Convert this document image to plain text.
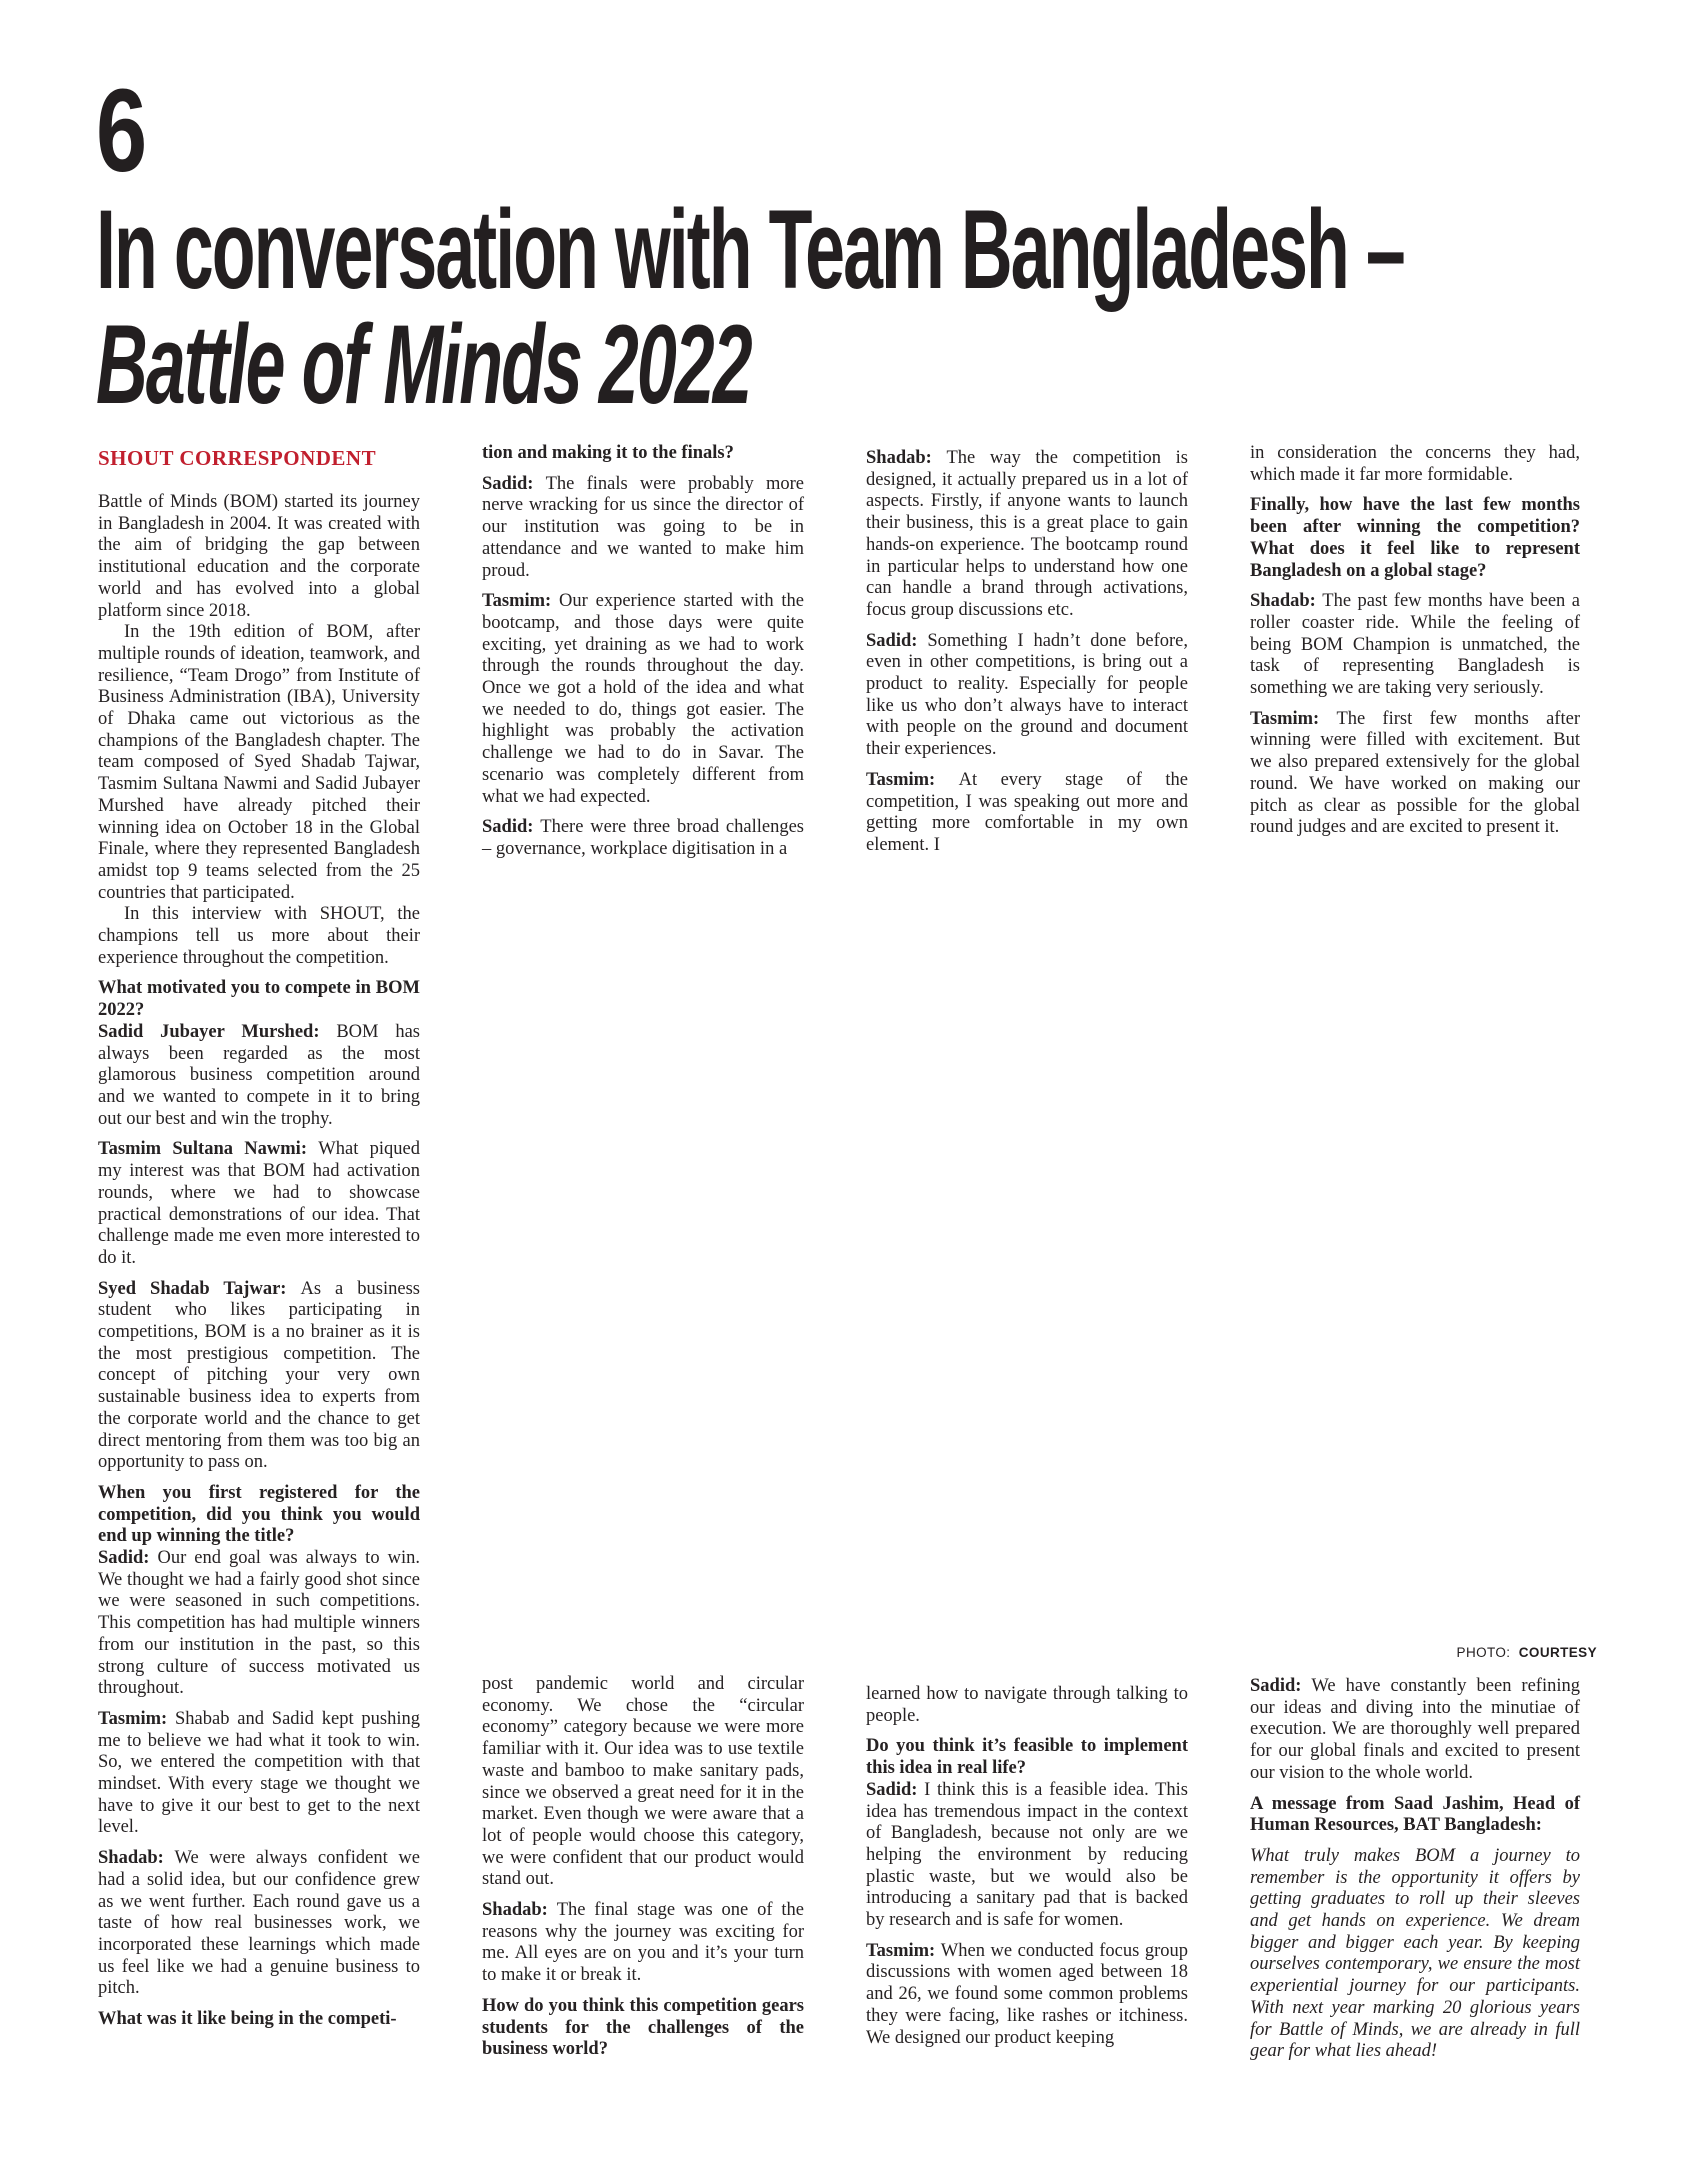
6
In conversation with Team Bangladesh –
Battle of Minds 2022
SHOUT CORRESPONDENT
PHOTO: COURTESY

Battle of Minds (BOM) started its journey in Bangladesh in 2004. It was created with the aim of bridging the gap between institutional education and the corporate world and has evolved into a global platform since 2018.

In the 19th edition of BOM, after multiple rounds of ideation, teamwork, and resilience, “Team Drogo” from Institute of Business Administration (IBA), University of Dhaka came out victorious as the champions of the Bangladesh chapter. The team composed of Syed Shadab Tajwar, Tasmim Sultana Nawmi and Sadid Jubayer Murshed have already pitched their winning idea on October 18 in the Global Finale, where they represented Bangladesh amidst top 9 teams selected from the 25 countries that participated.

In this interview with SHOUT, the champions tell us more about their experience throughout the competition.

What motivated you to compete in BOM 2022?

Sadid Jubayer Murshed: BOM has always been regarded as the most glamorous business competition around and we wanted to compete in it to bring out our best and win the trophy.

Tasmim Sultana Nawmi: What piqued my interest was that BOM had activation rounds, where we had to showcase practical demonstrations of our idea. That challenge made me even more interested to do it.

Syed Shadab Tajwar: As a business student who likes participating in competitions, BOM is a no brainer as it is the most prestigious competition. The concept of pitching your very own sustainable business idea to experts from the corporate world and the chance to get direct mentoring from them was too big an opportunity to pass on.

When you first registered for the competition, did you think you would end up winning the title?

Sadid: Our end goal was always to win. We thought we had a fairly good shot since we were seasoned in such competitions. This competition has had multiple winners from our institution in the past, so this strong culture of success motivated us throughout.

Tasmim: Shabab and Sadid kept pushing me to believe we had what it took to win. So, we entered the competition with that mindset. With every stage we thought we have to give it our best to get to the next level.

Shadab: We were always confident we had a solid idea, but our confidence grew as we went further. Each round gave us a taste of how real businesses work, we incorporated these learnings which made us feel like we had a genuine business to pitch.

What was it like being in the competi-

tion and making it to the finals?

Sadid: The finals were probably more nerve wracking for us since the director of our institution was going to be in attendance and we wanted to make him proud.

Tasmim: Our experience started with the bootcamp, and those days were quite exciting, yet draining as we had to work through the rounds throughout the day. Once we got a hold of the idea and what we needed to do, things got easier. The highlight was probably the activation challenge we had to do in Savar. The scenario was completely different from what we had expected.

Sadid: There were three broad challenges – governance, workplace digitisation in a

post pandemic world and circular economy. We chose the “circular economy” category because we were more familiar with it. Our idea was to use textile waste and bamboo to make sanitary pads, since we observed a great need for it in the market. Even though we were aware that a lot of people would choose this category, we were confident that our product would stand out.

Shadab: The final stage was one of the reasons why the journey was exciting for me. All eyes are on you and it’s your turn to make it or break it.

How do you think this competition gears students for the challenges of the business world?

Shadab: The way the competition is designed, it actually prepared us in a lot of aspects. Firstly, if anyone wants to launch their business, this is a great place to gain hands-on experience. The bootcamp round in particular helps to understand how one can handle a brand through activations, focus group discussions etc.

Sadid: Something I hadn’t done before, even in other competitions, is bring out a product to reality. Especially for people like us who don’t always have to interact with people on the ground and document their experiences.

Tasmim: At every stage of the competition, I was speaking out more and getting more comfortable in my own element. I

learned how to navigate through talking to people.

Do you think it’s feasible to implement this idea in real life?

Sadid: I think this is a feasible idea. This idea has tremendous impact in the context of Bangladesh, because not only are we helping the environment by reducing plastic waste, but we would also be introducing a sanitary pad that is backed by research and is safe for women.

Tasmim: When we conducted focus group discussions with women aged between 18 and 26, we found some common problems they were facing, like rashes or itchiness. We designed our product keeping

in consideration the concerns they had, which made it far more formidable.

Finally, how have the last few months been after winning the competition? What does it feel like to represent Bangladesh on a global stage?

Shadab: The past few months have been a roller coaster ride. While the feeling of being BOM Champion is unmatched, the task of representing Bangladesh is something we are taking very seriously.

Tasmim: The first few months after winning were filled with excitement. But we also prepared extensively for the global round. We have worked on making our pitch as clear as possible for the global round judges and are excited to present it.

Sadid: We have constantly been refining our ideas and diving into the minutiae of execution. We are thoroughly well prepared for our global finals and excited to present our vision to the whole world.

A message from Saad Jashim, Head of Human Resources, BAT Bangladesh:

What truly makes BOM a journey to remember is the opportunity it offers by getting graduates to roll up their sleeves and get hands on experience. We dream bigger and bigger each year. By keeping ourselves contemporary, we ensure the most experiential journey for our participants. With next year marking 20 glorious years for Battle of Minds, we are already in full gear for what lies ahead!
